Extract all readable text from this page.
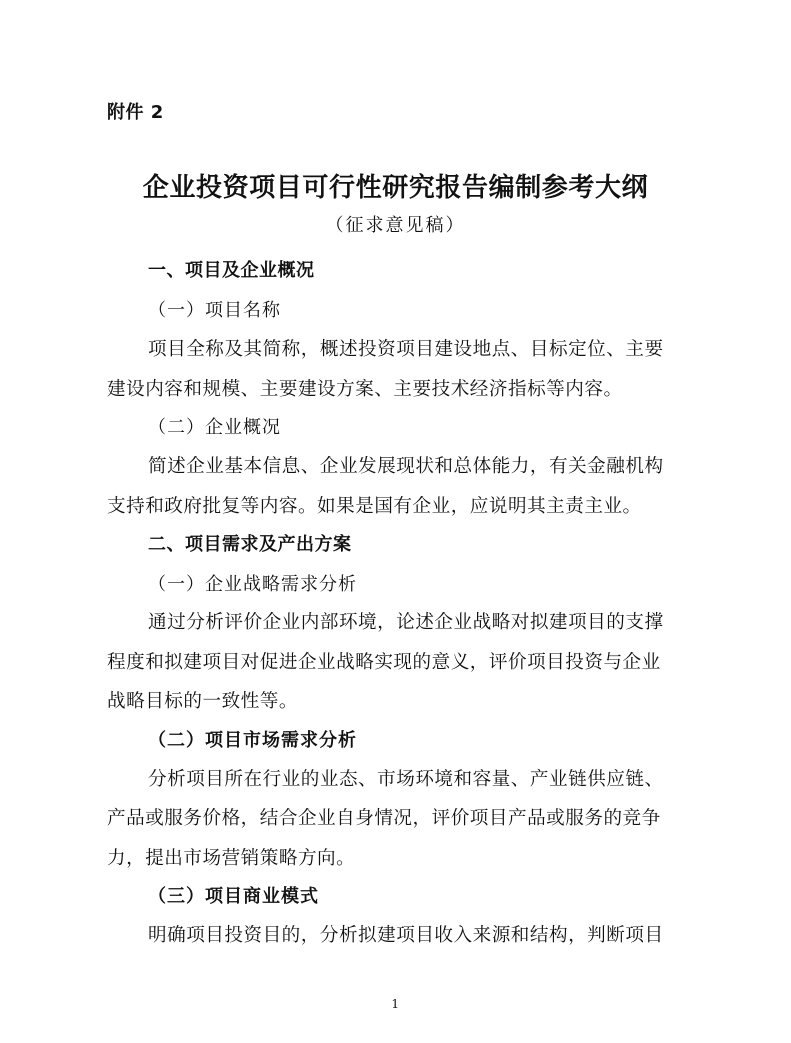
附件 2
企业投资项目可行性研究报告编制参考大纲
（征求意见稿）
一、项目及企业概况
（一）项目名称
项目全称及其简称，概述投资项目建设地点、目标定位、主要
建设内容和规模、主要建设方案、主要技术经济指标等内容。
（二）企业概况
简述企业基本信息、企业发展现状和总体能力，有关金融机构
支持和政府批复等内容。如果是国有企业，应说明其主责主业。
二、项目需求及产出方案
（一）企业战略需求分析
通过分析评价企业内部环境，论述企业战略对拟建项目的支撑
程度和拟建项目对促进企业战略实现的意义，评价项目投资与企业
战略目标的一致性等。
（二）项目市场需求分析
分析项目所在行业的业态、市场环境和容量、产业链供应链、
产品或服务价格，结合企业自身情况，评价项目产品或服务的竞争
力，提出市场营销策略方向。
（三）项目商业模式
明确项目投资目的，分析拟建项目收入来源和结构，判断项目
1
